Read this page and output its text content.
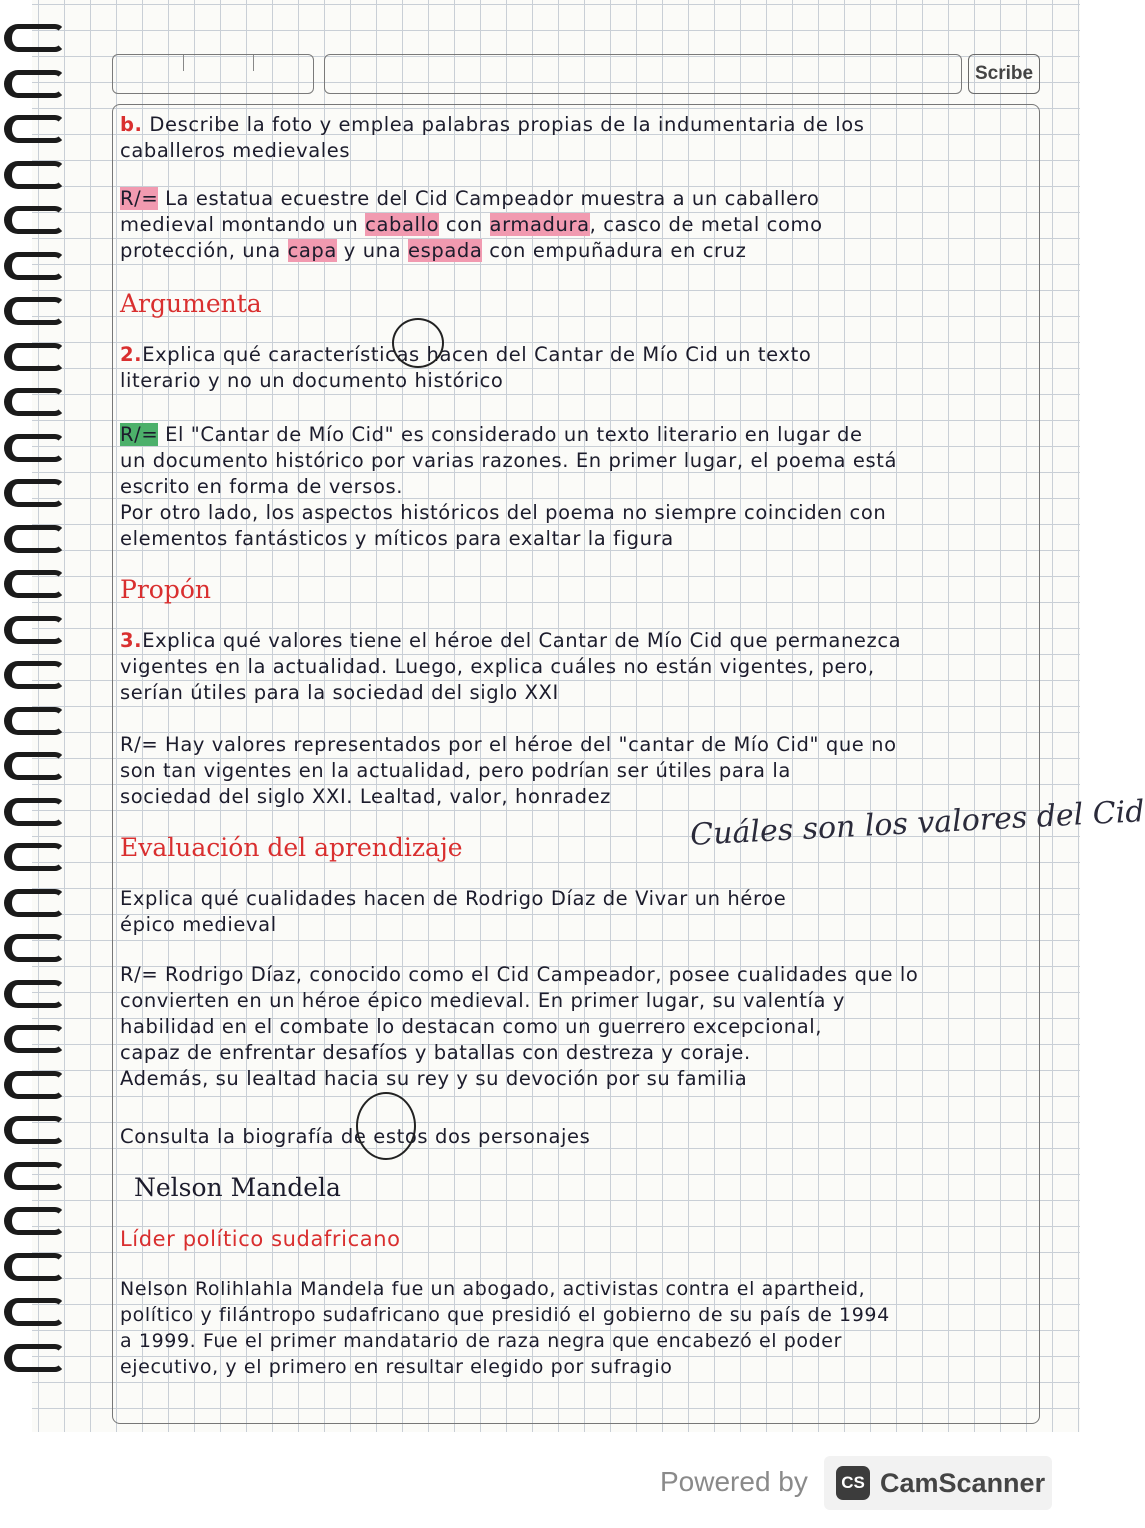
Scribe
b. Describe la foto y emplea palabras propias de la indumentaria de los
caballeros medievales
R/= La estatua ecuestre del Cid Campeador muestra a un caballero
medieval montando un caballo con armadura, casco de metal como
protección, una capa y una espada con empuñadura en cruz
Argumenta
2.Explica qué características hacen del Cantar de Mío Cid un texto
literario y no un documento histórico
R/= El "Cantar de Mío Cid" es considerado un texto literario en lugar de
un documento histórico por varias razones. En primer lugar, el poema está
escrito en forma de versos.
Por otro lado, los aspectos históricos del poema no siempre coinciden con
elementos fantásticos y míticos para exaltar la figura
Propón
3.Explica qué valores tiene el héroe del Cantar de Mío Cid que permanezca
vigentes en la actualidad. Luego, explica cuáles no están vigentes, pero,
serían útiles para la sociedad del siglo XXI
R/= Hay valores representados por el héroe del "cantar de Mío Cid" que no
son tan vigentes en la actualidad, pero podrían ser útiles para la
sociedad del siglo XXI. Lealtad, valor, honradez	Cuáles son los valores del Cid
Evaluación del aprendizaje
Explica qué cualidades hacen de Rodrigo Díaz de Vivar un héroe
épico medieval
R/= Rodrigo Díaz, conocido como el Cid Campeador, posee cualidades que lo
convierten en un héroe épico medieval. En primer lugar, su valentía y
habilidad en el combate lo destacan como un guerrero excepcional,
capaz de enfrentar desafíos y batallas con destreza y coraje.
Además, su lealtad hacia su rey y su devoción por su familia
Consulta la biografía de estos dos personajes
Nelson Mandela
Líder político sudafricano
Nelson Rolihlahla Mandela fue un abogado, activistas contra el apartheid,
político y filántropo sudafricano que presidió el gobierno de su país de 1994
a 1999. Fue el primer mandatario de raza negra que encabezó el poder
ejecutivo, y el primero en resultar elegido por sufragio
Powered by	CS CamScanner
